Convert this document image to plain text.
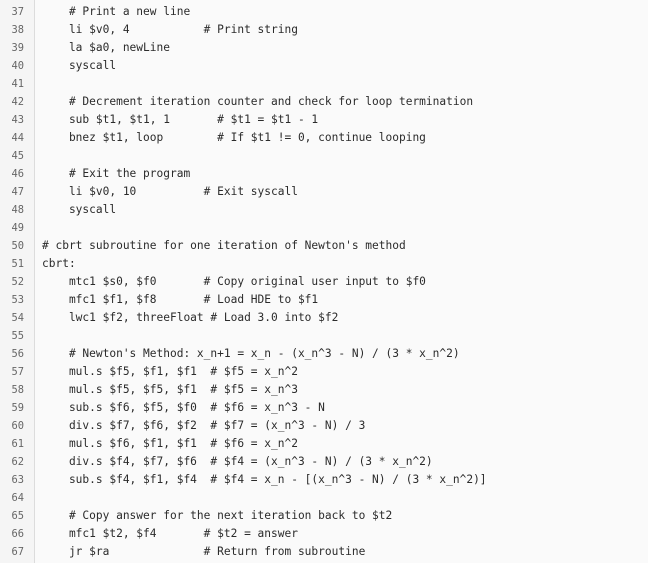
37 # Print a new line
38 li $v0, 4           # Print string
39 la $a0, newLine
40 syscall
41
42 # Decrement iteration counter and check for loop termination
43 sub $t1, $t1, 1       # $t1 = $t1 - 1
44 bnez $t1, loop        # If $t1 != 0, continue looping
45
46 # Exit the program
47 li $v0, 10          # Exit syscall
48 syscall
49
50 # cbrt subroutine for one iteration of Newton's method
51 cbrt:
52 mtc1 $s0, $f0       # Copy original user input to $f0
53 mfc1 $f1, $f8       # Load HDE to $f1
54 lwc1 $f2, threeFloat # Load 3.0 into $f2
55
56 # Newton's Method: x_n+1 = x_n - (x_n^3 - N) / (3 * x_n^2)
57 mul.s $f5, $f1, $f1  # $f5 = x_n^2
58 mul.s $f5, $f5, $f1  # $f5 = x_n^3
59 sub.s $f6, $f5, $f0  # $f6 = x_n^3 - N
60 div.s $f7, $f6, $f2  # $f7 = (x_n^3 - N) / 3
61 mul.s $f6, $f1, $f1  # $f6 = x_n^2
62 div.s $f4, $f7, $f6  # $f4 = (x_n^3 - N) / (3 * x_n^2)
63 sub.s $f4, $f1, $f4  # $f4 = x_n - [(x_n^3 - N) / (3 * x_n^2)]
64
65 # Copy answer for the next iteration back to $t2
66 mfc1 $t2, $f4       # $t2 = answer
67 jr $ra              # Return from subroutine
